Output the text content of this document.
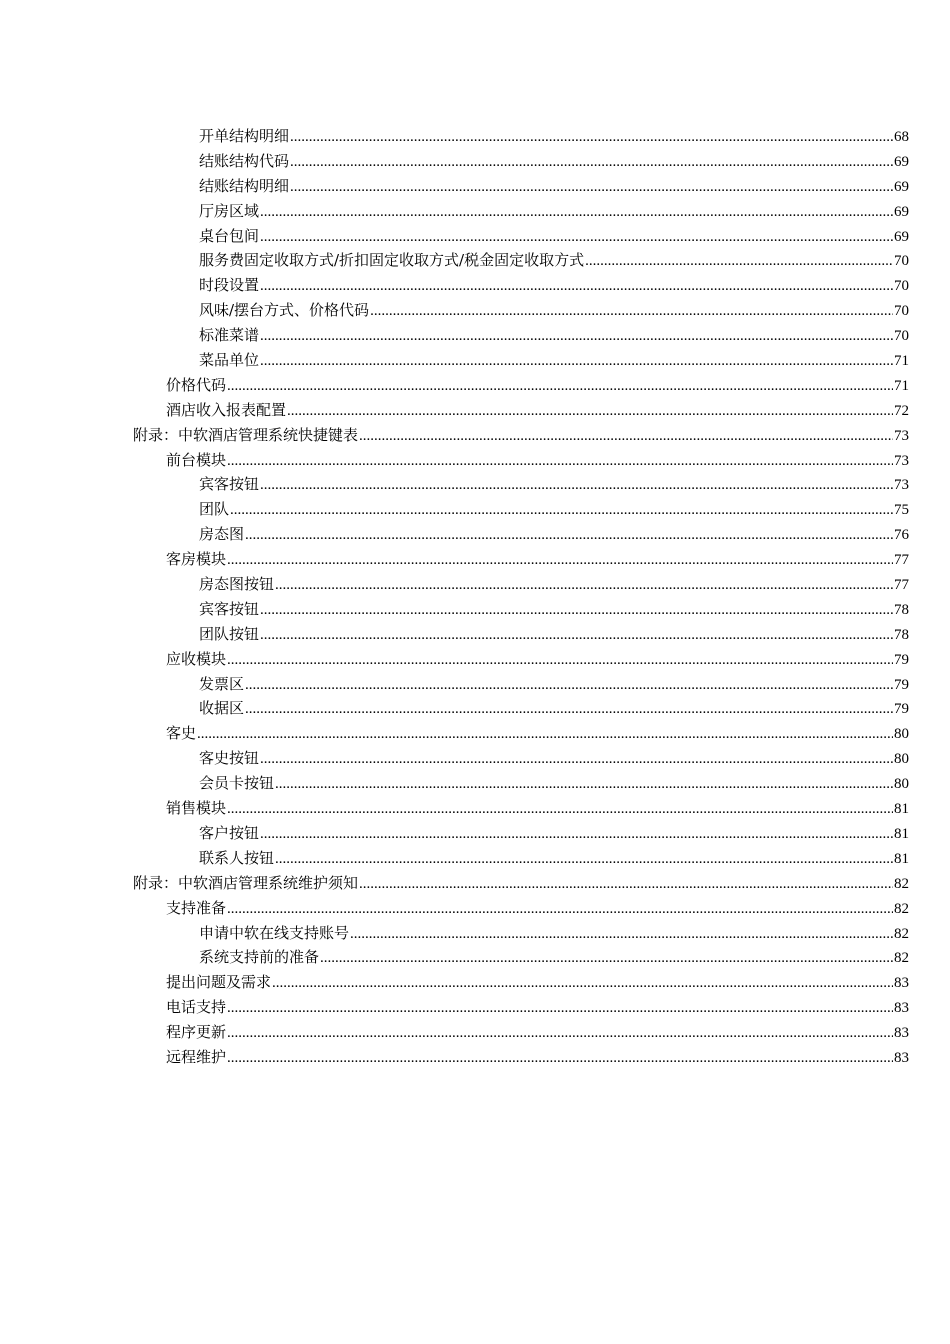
开单结构明细 .....	68
结账结构代码 .....	69
结账结构明细 .....	69
厅房区域 .....	69
桌台包间 .....	69
服务费固定收取方式/折扣固定收取方式/税金固定收取方式 .....	70
时段设置 .....	70
风味/摆台方式、价格代码 .....	70
标准菜谱 .....	70
菜品单位 .....	71
价格代码 .....	71
酒店收入报表配置 .....	72
附录：中软酒店管理系统快捷键表 .....	73
前台模块 .....	73
宾客按钮 .....	73
团队 .....	75
房态图 .....	76
客房模块 .....	77
房态图按钮 .....	77
宾客按钮 .....	78
团队按钮 .....	78
应收模块 .....	79
发票区 .....	79
收据区 .....	79
客史 .....	80
客史按钮 .....	80
会员卡按钮 .....	80
销售模块 .....	81
客户按钮 .....	81
联系人按钮 .....	81
附录：中软酒店管理系统维护须知 .....	82
支持准备 .....	82
申请中软在线支持账号 .....	82
系统支持前的准备 .....	82
提出问题及需求 .....	83
电话支持 .....	83
程序更新 .....	83
远程维护 .....	83
